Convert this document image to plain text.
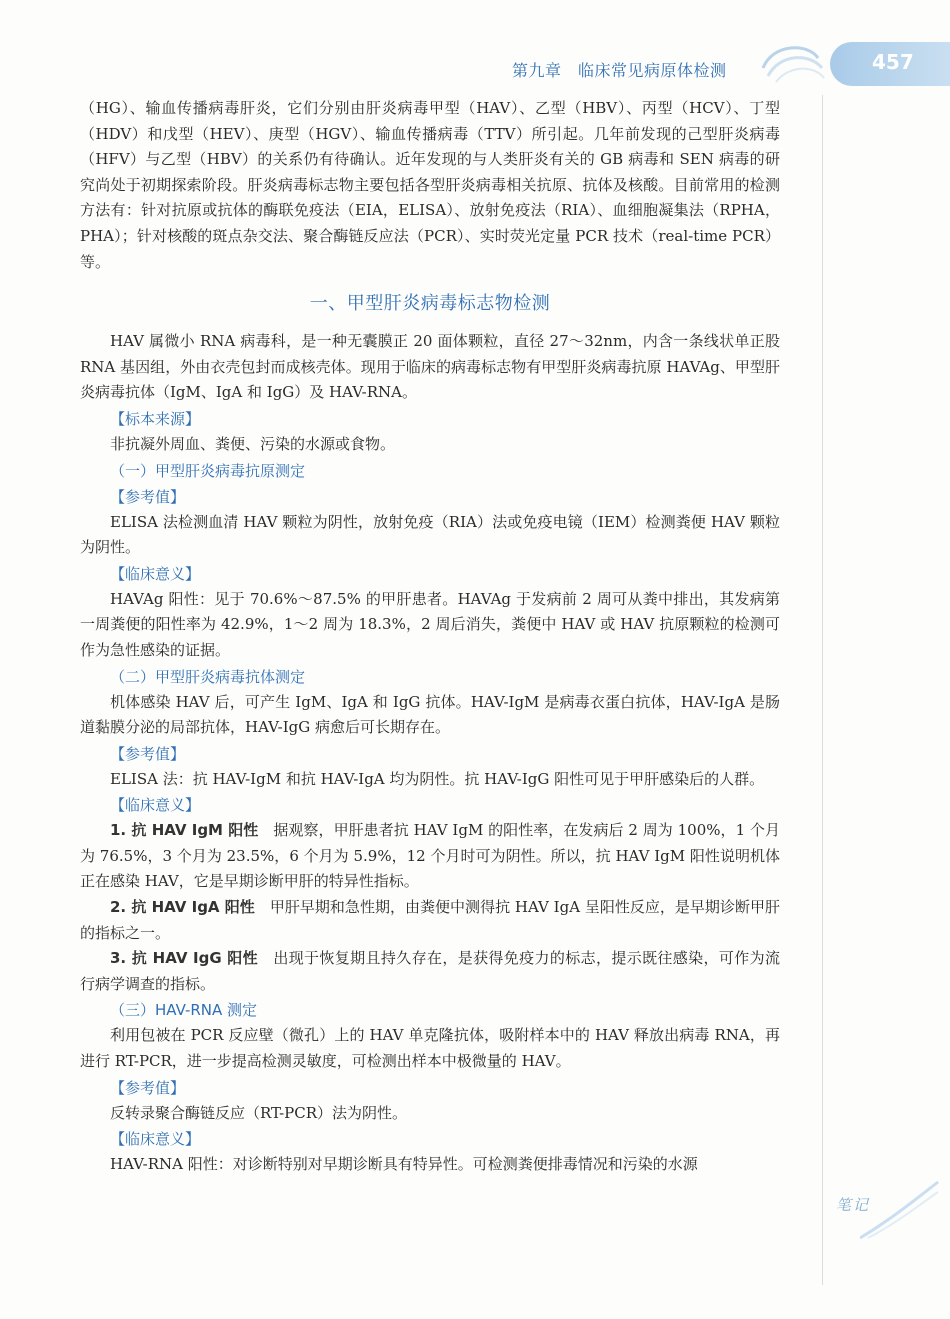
第九章　临床常见病原体检测	457
笔记

（HG）、输血传播病毒肝炎，它们分别由肝炎病毒甲型（HAV）、乙型（HBV）、丙型（HCV）、丁型（HDV）和戊型（HEV）、庚型（HGV）、输血传播病毒（TTV）所引起。几年前发现的己型肝炎病毒（HFV）与乙型（HBV）的关系仍有待确认。近年发现的与人类肝炎有关的 GB 病毒和 SEN 病毒的研究尚处于初期探索阶段。肝炎病毒标志物主要包括各型肝炎病毒相关抗原、抗体及核酸。目前常用的检测方法有：针对抗原或抗体的酶联免疫法（EIA，ELISA）、放射免疫法（RIA）、血细胞凝集法（RPHA，PHA）；针对核酸的斑点杂交法、聚合酶链反应法（PCR）、实时荧光定量 PCR 技术（real-time PCR）等。

一、甲型肝炎病毒标志物检测

HAV 属微小 RNA 病毒科，是一种无囊膜正 20 面体颗粒，直径 27～32nm，内含一条线状单正股 RNA 基因组，外由衣壳包封而成核壳体。现用于临床的病毒标志物有甲型肝炎病毒抗原 HAVAg、甲型肝炎病毒抗体（IgM、IgA 和 IgG）及 HAV-RNA。

【标本来源】

非抗凝外周血、粪便、污染的水源或食物。

（一）甲型肝炎病毒抗原测定

【参考值】

ELISA 法检测血清 HAV 颗粒为阴性，放射免疫（RIA）法或免疫电镜（IEM）检测粪便 HAV 颗粒为阴性。

【临床意义】

HAVAg 阳性：见于 70.6%～87.5% 的甲肝患者。HAVAg 于发病前 2 周可从粪中排出，其发病第一周粪便的阳性率为 42.9%，1～2 周为 18.3%，2 周后消失，粪便中 HAV 或 HAV 抗原颗粒的检测可作为急性感染的证据。

（二）甲型肝炎病毒抗体测定

机体感染 HAV 后，可产生 IgM、IgA 和 IgG 抗体。HAV-IgM 是病毒衣蛋白抗体，HAV-IgA 是肠道黏膜分泌的局部抗体，HAV-IgG 病愈后可长期存在。

【参考值】

ELISA 法：抗 HAV-IgM 和抗 HAV-IgA 均为阴性。抗 HAV-IgG 阳性可见于甲肝感染后的人群。

【临床意义】

1. 抗 HAV IgM 阳性　据观察，甲肝患者抗 HAV IgM 的阳性率，在发病后 2 周为 100%，1 个月为 76.5%，3 个月为 23.5%，6 个月为 5.9%，12 个月时可为阴性。所以，抗 HAV IgM 阳性说明机体正在感染 HAV，它是早期诊断甲肝的特异性指标。

2. 抗 HAV IgA 阳性　甲肝早期和急性期，由粪便中测得抗 HAV IgA 呈阳性反应，是早期诊断甲肝的指标之一。

3. 抗 HAV IgG 阳性　出现于恢复期且持久存在，是获得免疫力的标志，提示既往感染，可作为流行病学调查的指标。

（三）HAV-RNA 测定

利用包被在 PCR 反应壁（微孔）上的 HAV 单克隆抗体，吸附样本中的 HAV 释放出病毒 RNA，再进行 RT-PCR，进一步提高检测灵敏度，可检测出样本中极微量的 HAV。

【参考值】

反转录聚合酶链反应（RT-PCR）法为阴性。

【临床意义】

HAV-RNA 阳性：对诊断特别对早期诊断具有特异性。可检测粪便排毒情况和污染的水源
